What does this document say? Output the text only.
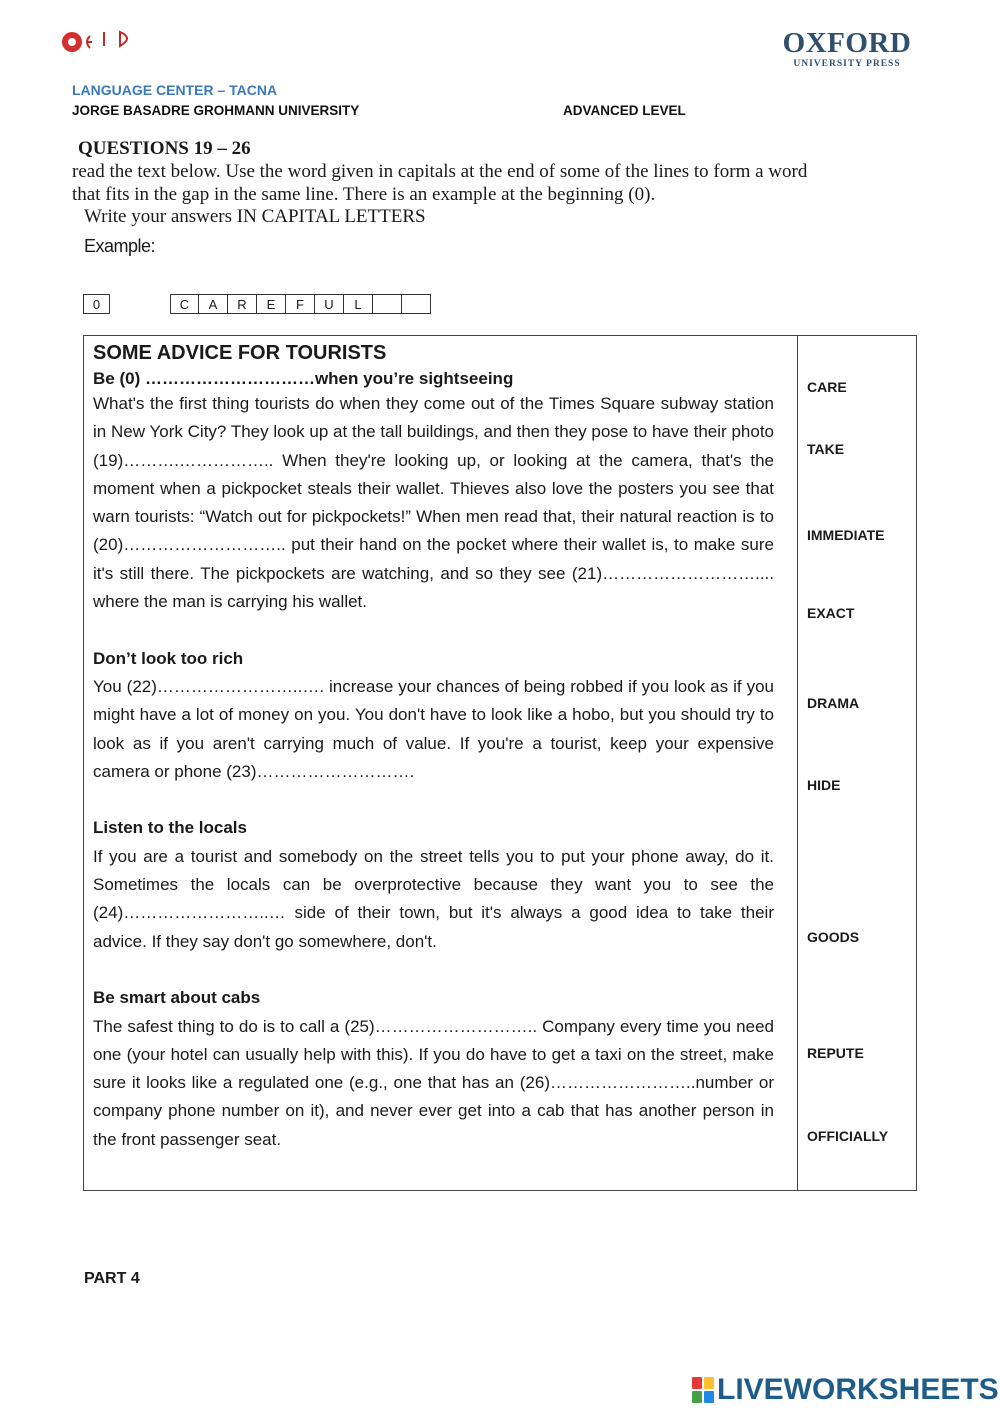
OXFORD
UNIVERSITY PRESS
LANGUAGE CENTER – TACNA
JORGE BASADRE GROHMANN UNIVERSITY	ADVANCED LEVEL
QUESTIONS 19 – 26
read the text below. Use the word given in capitals at the end of some of the lines to form a word
that fits in the gap in the same line. There is an example at the beginning (0).
Write your answers IN CAPITAL LETTERS
Example:
0	C	A	R	E	F	U	L
SOME ADVICE FOR TOURISTS
Be (0) …………………………when you’re sightseeing

What's the first thing tourists do when they come out of the Times Square subway station in New York City? They look up at the tall buildings, and then they pose to have their photo (19)……….…………….. When they're looking up, or looking at the camera, that's the moment when a pickpocket steals their wallet. Thieves also love the posters you see that warn tourists: “Watch out for pickpockets!” When men read that, their natural reaction is to (20)……………………….. put their hand on the pocket where their wallet is, to make sure it's still there. The pickpockets are watching, and so they see (21)……………………….... where the man is carrying his wallet.

Don’t look too rich

You (22)……………………..…. increase your chances of being robbed if you look as if you might have a lot of money on you. You don't have to look like a hobo, but you should try to look as if you aren't carrying much of value. If you're a tourist, keep your expensive camera or phone (23)……………………….

Listen to the locals

If you are a tourist and somebody on the street tells you to put your phone away, do it. Sometimes the locals can be overprotective because they want you to see the (24)……………………..… side of their town, but it's always a good idea to take their advice. If they say don't go somewhere, don't.

Be smart about cabs

The safest thing to do is to call a (25)……………………….. Company every time you need one (your hotel can usually help with this). If you do have to get a taxi on the street, make sure it looks like a regulated one (e.g., one that has an (26)……………………..number or company phone number on it), and never ever get into a cab that has another person in the front passenger seat.

CARE
TAKE
IMMEDIATE
EXACT
DRAMA
HIDE
GOODS
REPUTE
OFFICIALLY
PART 4
LIVEWORKSHEETS
